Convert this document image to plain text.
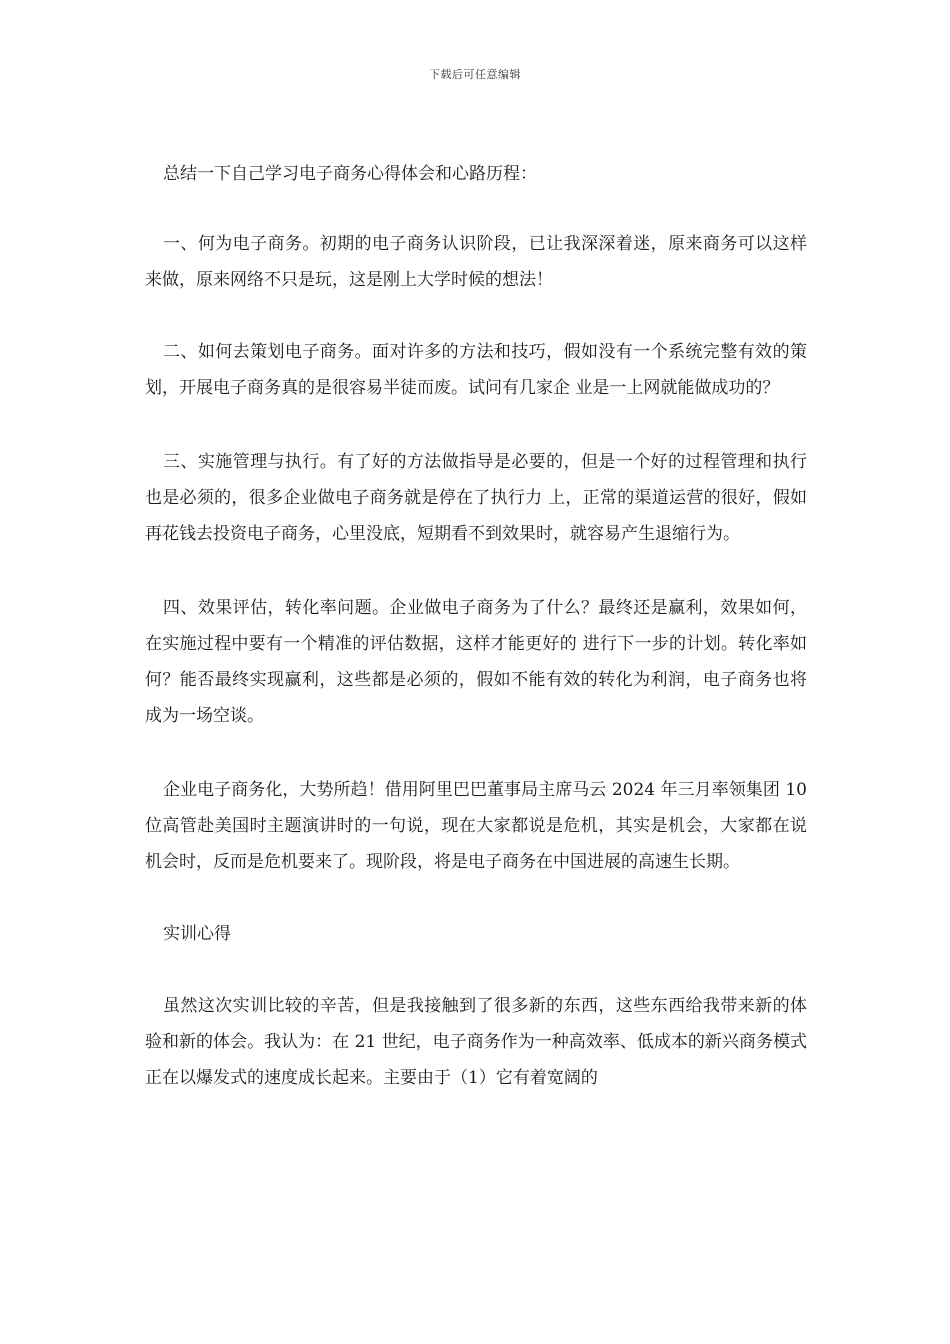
下载后可任意编辑

总结一下自己学习电子商务心得体会和心路历程：

一、何为电子商务。初期的电子商务认识阶段，已让我深深着迷，原来商务可以这样来做，原来网络不只是玩，这是刚上大学时候的想法！

二、如何去策划电子商务。面对许多的方法和技巧，假如没有一个系统完整有效的策划，开展电子商务真的是很容易半徒而废。试问有几家企 业是一上网就能做成功的？

三、实施管理与执行。有了好的方法做指导是必要的，但是一个好的过程管理和执行也是必须的，很多企业做电子商务就是停在了执行力 上，正常的渠道运营的很好，假如再花钱去投资电子商务，心里没底，短期看不到效果时，就容易产生退缩行为。

四、效果评估，转化率问题。企业做电子商务为了什么？最终还是赢利，效果如何，在实施过程中要有一个精准的评估数据，这样才能更好的 进行下一步的计划。转化率如何？能否最终实现赢利，这些都是必须的，假如不能有效的转化为利润，电子商务也将成为一场空谈。

企业电子商务化，大势所趋！借用阿里巴巴董事局主席马云 2024 年三月率领集团 10 位高管赴美国时主题演讲时的一句说，现在大家都说是危机，其实是机会，大家都在说机会时，反而是危机要来了。现阶段，将是电子商务在中国进展的高速生长期。

实训心得

虽然这次实训比较的辛苦，但是我接触到了很多新的东西，这些东西给我带来新的体验和新的体会。我认为：在 21 世纪，电子商务作为一种高效率、低成本的新兴商务模式正在以爆发式的速度成长起来。主要由于（1）它有着宽阔的
